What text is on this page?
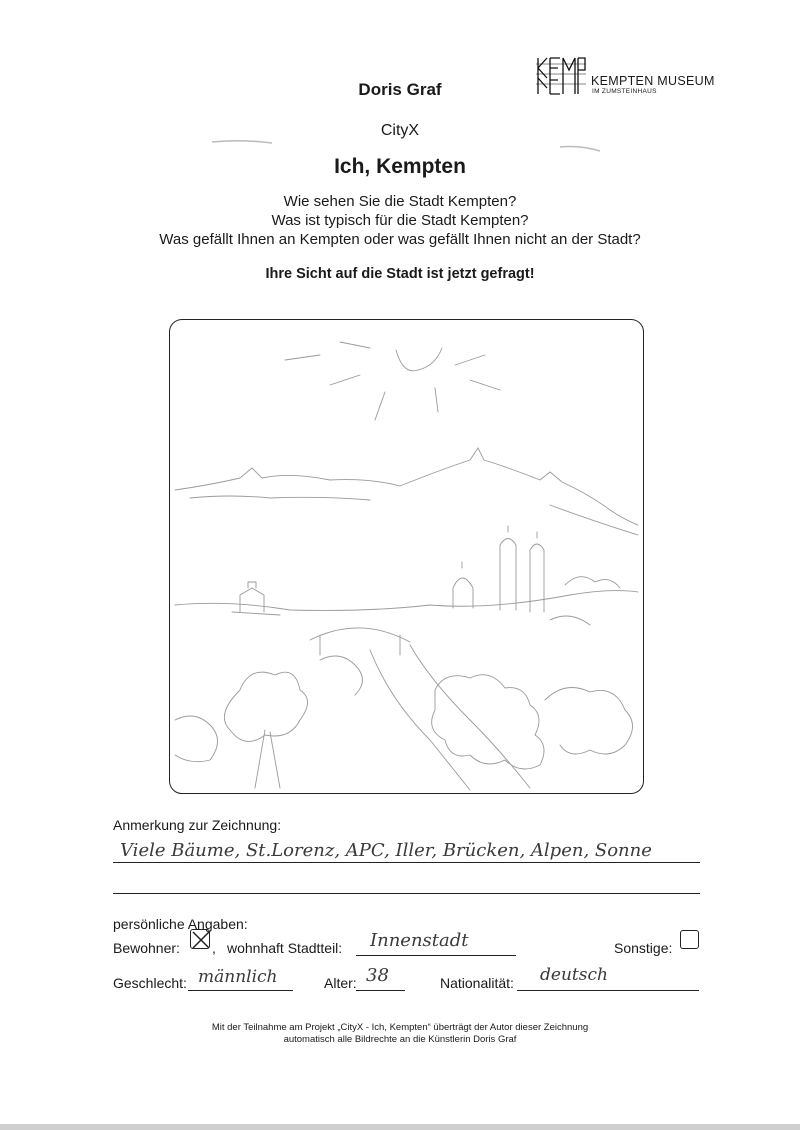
Doris Graf	KEMPTEN MUSEUM
IM ZUMSTEINHAUS
CityX
Ich, Kempten
Wie sehen Sie die Stadt Kempten?
Was ist typisch für die Stadt Kempten?
Was gefällt Ihnen an Kempten oder was gefällt Ihnen nicht an der Stadt?
Ihre Sicht auf die Stadt ist jetzt gefragt!
Anmerkung zur Zeichnung:
Viele Bäume, St.Lorenz, APC, Iller, Brücken, Alpen, Sonne
persönliche Angaben:
Bewohner: , wohnhaft Stadtteil: Innenstadt	Sonstige:
Geschlecht: männlich	Alter: 38	Nationalität: deutsch
Mit der Teilnahme am Projekt „CityX - Ich, Kempten“ überträgt der Autor dieser Zeichnung
automatisch alle Bildrechte an die Künstlerin Doris Graf
